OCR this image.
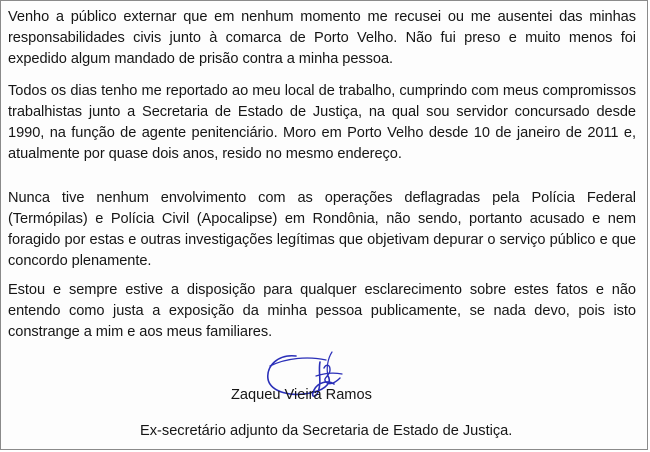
Venho a público externar que em nenhum momento me recusei ou me ausentei das minhas responsabilidades civis junto à comarca de Porto Velho. Não fui preso e muito menos foi expedido algum mandado de prisão contra a minha pessoa.

Todos os dias tenho me reportado ao meu local de trabalho, cumprindo com meus compromissos trabalhistas junto a Secretaria de Estado de Justiça, na qual sou servidor concursado desde 1990, na função de agente penitenciário. Moro em Porto Velho desde 10 de janeiro de 2011 e, atualmente por quase dois anos, resido no mesmo endereço.

Nunca tive nenhum envolvimento com as operações deflagradas pela Polícia Federal (Termópilas) e Polícia Civil (Apocalipse) em Rondônia, não sendo, portanto acusado e nem foragido por estas e outras investigações legítimas que objetivam depurar o serviço público e que concordo plenamente.

Estou e sempre estive a disposição para qualquer esclarecimento sobre estes fatos e não entendo como justa a exposição da minha pessoa publicamente, se nada devo, pois isto constrange a mim e aos meus familiares.

Zaqueu Vieira Ramos

Ex-secretário adjunto da Secretaria de Estado de Justiça.
